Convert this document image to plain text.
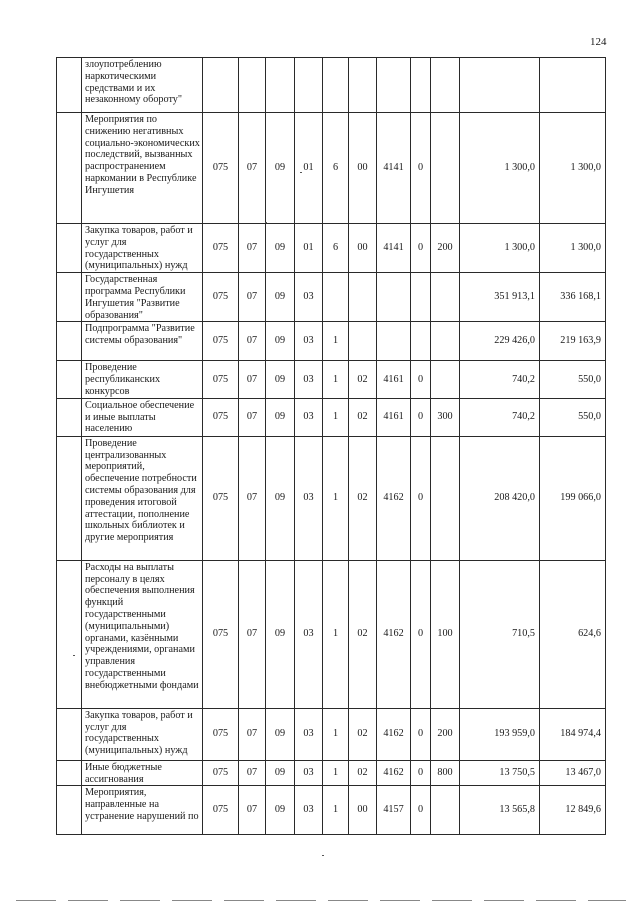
124
	злоупотреблению наркотическими средствами и их незаконному обороту"											
	Мероприятия по снижению негативных социально-экономических последствий, вызванных распространением наркомании в Республике Ингушетия	075	07	09	01	6	00	4141	0		1 300,0	1 300,0
	Закупка товаров, работ и услуг для государственных (муниципальных) нужд	075	07	09	01	6	00	4141	0	200	1 300,0	1 300,0
	Государственная программа Республики Ингушетия "Развитие образования"	075	07	09	03						351 913,1	336 168,1
	Подпрограмма "Развитие системы образования"	075	07	09	03	1					229 426,0	219 163,9
	Проведение республиканских конкурсов	075	07	09	03	1	02	4161	0		740,2	550,0
	Социальное обеспечение и иные выплаты населению	075	07	09	03	1	02	4161	0	300	740,2	550,0
	Проведение централизованных мероприятий, обеспечение потребности системы образования для проведения итоговой аттестации, пополнение школьных библиотек и другие мероприятия	075	07	09	03	1	02	4162	0		208 420,0	199 066,0
	Расходы на выплаты персоналу в целях обеспечения выполнения функций государственными (муниципальными) органами, казёнными учреждениями, органами управления государственными внебюджетными фондами	075	07	09	03	1	02	4162	0	100	710,5	624,6
	Закупка товаров, работ и услуг для государственных (муниципальных) нужд	075	07	09	03	1	02	4162	0	200	193 959,0	184 974,4
	Иные бюджетные ассигнования	075	07	09	03	1	02	4162	0	800	13 750,5	13 467,0
	Мероприятия, направленные на устранение нарушений по	075	07	09	03	1	00	4157	0		13 565,8	12 849,6
